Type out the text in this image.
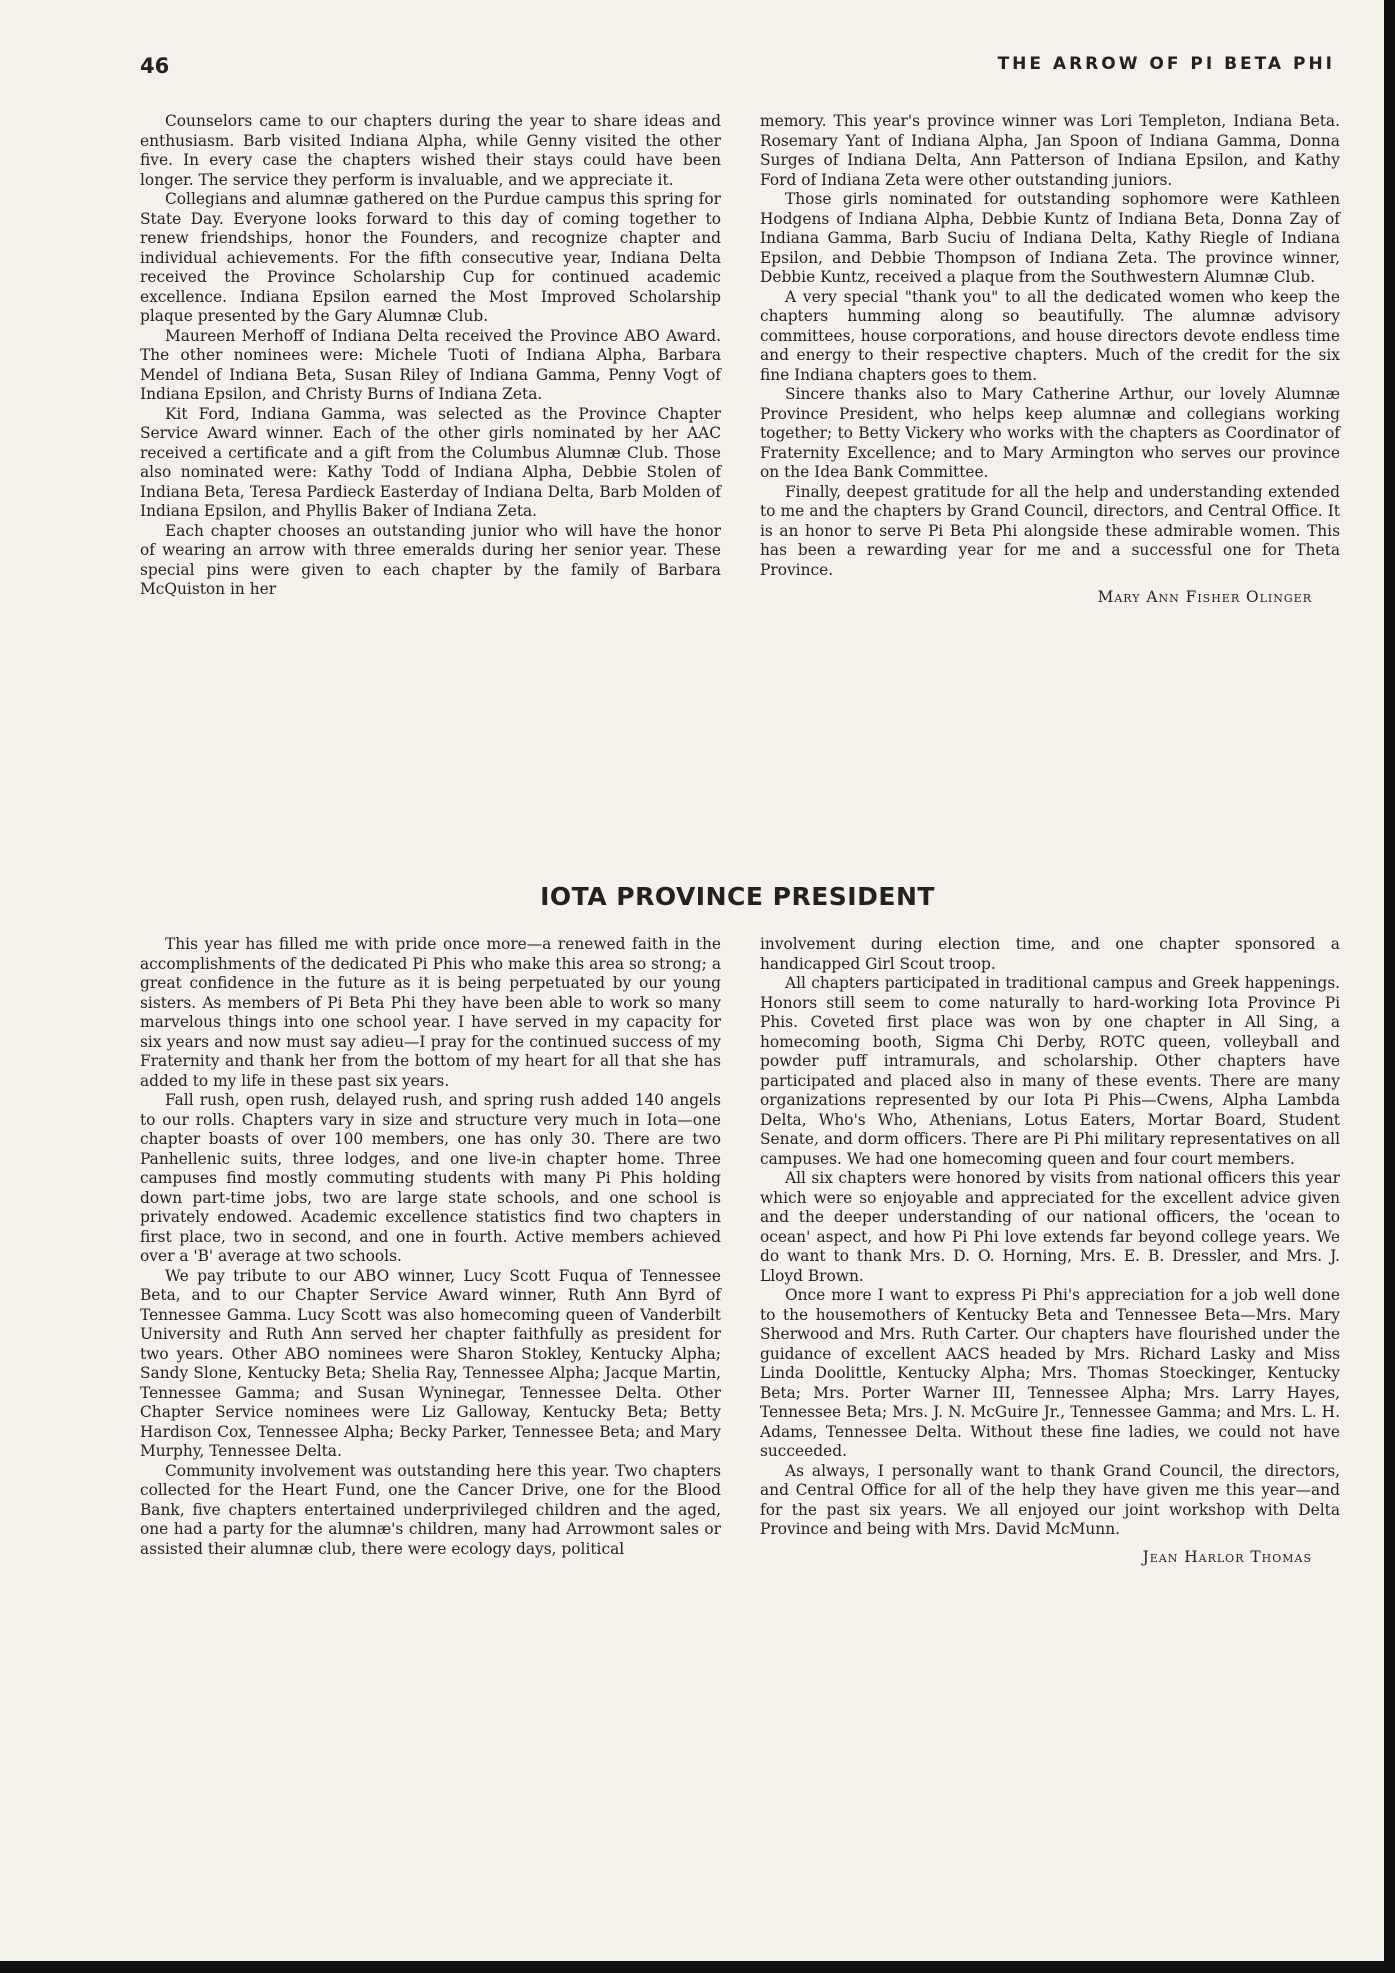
46	THE ARROW OF PI BETA PHI

Counselors came to our chapters during the year to share ideas and enthusiasm. Barb visited Indiana Alpha, while Genny visited the other five. In every case the chapters wished their stays could have been longer. The service they perform is invaluable, and we appreciate it.

Collegians and alumnæ gathered on the Purdue campus this spring for State Day. Everyone looks forward to this day of coming together to renew friendships, honor the Founders, and recognize chapter and individual achievements. For the fifth consecutive year, Indiana Delta received the Province Scholarship Cup for continued academic excellence. Indiana Epsilon earned the Most Improved Scholarship plaque presented by the Gary Alumnæ Club.

Maureen Merhoff of Indiana Delta received the Province ABO Award. The other nominees were: Michele Tuoti of Indiana Alpha, Barbara Mendel of Indiana Beta, Susan Riley of Indiana Gamma, Penny Vogt of Indiana Epsilon, and Christy Burns of Indiana Zeta.

Kit Ford, Indiana Gamma, was selected as the Province Chapter Service Award winner. Each of the other girls nominated by her AAC received a certificate and a gift from the Columbus Alumnæ Club. Those also nominated were: Kathy Todd of Indiana Alpha, Debbie Stolen of Indiana Beta, Teresa Pardieck Easterday of Indiana Delta, Barb Molden of Indiana Epsilon, and Phyllis Baker of Indiana Zeta.

Each chapter chooses an outstanding junior who will have the honor of wearing an arrow with three emeralds during her senior year. These special pins were given to each chapter by the family of Barbara McQuiston in her

memory. This year's province winner was Lori Templeton, Indiana Beta. Rosemary Yant of Indiana Alpha, Jan Spoon of Indiana Gamma, Donna Surges of Indiana Delta, Ann Patterson of Indiana Epsilon, and Kathy Ford of Indiana Zeta were other outstanding juniors.

Those girls nominated for outstanding sophomore were Kathleen Hodgens of Indiana Alpha, Debbie Kuntz of Indiana Beta, Donna Zay of Indiana Gamma, Barb Suciu of Indiana Delta, Kathy Riegle of Indiana Epsilon, and Debbie Thompson of Indiana Zeta. The province winner, Debbie Kuntz, received a plaque from the Southwestern Alumnæ Club.

A very special "thank you" to all the dedicated women who keep the chapters humming along so beautifully. The alumnæ advisory committees, house corporations, and house directors devote endless time and energy to their respective chapters. Much of the credit for the six fine Indiana chapters goes to them.

Sincere thanks also to Mary Catherine Arthur, our lovely Alumnæ Province President, who helps keep alumnæ and collegians working together; to Betty Vickery who works with the chapters as Coordinator of Fraternity Excellence; and to Mary Armington who serves our province on the Idea Bank Committee.

Finally, deepest gratitude for all the help and understanding extended to me and the chapters by Grand Council, directors, and Central Office. It is an honor to serve Pi Beta Phi alongside these admirable women. This has been a rewarding year for me and a successful one for Theta Province.

Mary Ann Fisher Olinger
IOTA PROVINCE PRESIDENT

This year has filled me with pride once more—a renewed faith in the accomplishments of the dedicated Pi Phis who make this area so strong; a great confidence in the future as it is being perpetuated by our young sisters. As members of Pi Beta Phi they have been able to work so many marvelous things into one school year. I have served in my capacity for six years and now must say adieu—I pray for the continued success of my Fraternity and thank her from the bottom of my heart for all that she has added to my life in these past six years.

Fall rush, open rush, delayed rush, and spring rush added 140 angels to our rolls. Chapters vary in size and structure very much in Iota—one chapter boasts of over 100 members, one has only 30. There are two Panhellenic suits, three lodges, and one live-in chapter home. Three campuses find mostly commuting students with many Pi Phis holding down part-time jobs, two are large state schools, and one school is privately endowed. Academic excellence statistics find two chapters in first place, two in second, and one in fourth. Active members achieved over a 'B' average at two schools.

We pay tribute to our ABO winner, Lucy Scott Fuqua of Tennessee Beta, and to our Chapter Service Award winner, Ruth Ann Byrd of Tennessee Gamma. Lucy Scott was also homecoming queen of Vanderbilt University and Ruth Ann served her chapter faithfully as president for two years. Other ABO nominees were Sharon Stokley, Kentucky Alpha; Sandy Slone, Kentucky Beta; Shelia Ray, Tennessee Alpha; Jacque Martin, Tennessee Gamma; and Susan Wyninegar, Tennessee Delta. Other Chapter Service nominees were Liz Galloway, Kentucky Beta; Betty Hardison Cox, Tennessee Alpha; Becky Parker, Tennessee Beta; and Mary Murphy, Tennessee Delta.

Community involvement was outstanding here this year. Two chapters collected for the Heart Fund, one the Cancer Drive, one for the Blood Bank, five chapters entertained underprivileged children and the aged, one had a party for the alumnæ's children, many had Arrowmont sales or assisted their alumnæ club, there were ecology days, political

involvement during election time, and one chapter sponsored a handicapped Girl Scout troop.

All chapters participated in traditional campus and Greek happenings. Honors still seem to come naturally to hard-working Iota Province Pi Phis. Coveted first place was won by one chapter in All Sing, a homecoming booth, Sigma Chi Derby, ROTC queen, volleyball and powder puff intramurals, and scholarship. Other chapters have participated and placed also in many of these events. There are many organizations represented by our Iota Pi Phis—Cwens, Alpha Lambda Delta, Who's Who, Athenians, Lotus Eaters, Mortar Board, Student Senate, and dorm officers. There are Pi Phi military representatives on all campuses. We had one homecoming queen and four court members.

All six chapters were honored by visits from national officers this year which were so enjoyable and appreciated for the excellent advice given and the deeper understanding of our national officers, the 'ocean to ocean' aspect, and how Pi Phi love extends far beyond college years. We do want to thank Mrs. D. O. Horning, Mrs. E. B. Dressler, and Mrs. J. Lloyd Brown.

Once more I want to express Pi Phi's appreciation for a job well done to the housemothers of Kentucky Beta and Tennessee Beta—Mrs. Mary Sherwood and Mrs. Ruth Carter. Our chapters have flourished under the guidance of excellent AACS headed by Mrs. Richard Lasky and Miss Linda Doolittle, Kentucky Alpha; Mrs. Thomas Stoeckinger, Kentucky Beta; Mrs. Porter Warner III, Tennessee Alpha; Mrs. Larry Hayes, Tennessee Beta; Mrs. J. N. McGuire Jr., Tennessee Gamma; and Mrs. L. H. Adams, Tennessee Delta. Without these fine ladies, we could not have succeeded.

As always, I personally want to thank Grand Council, the directors, and Central Office for all of the help they have given me this year—and for the past six years. We all enjoyed our joint workshop with Delta Province and being with Mrs. David McMunn.

Jean Harlor Thomas
